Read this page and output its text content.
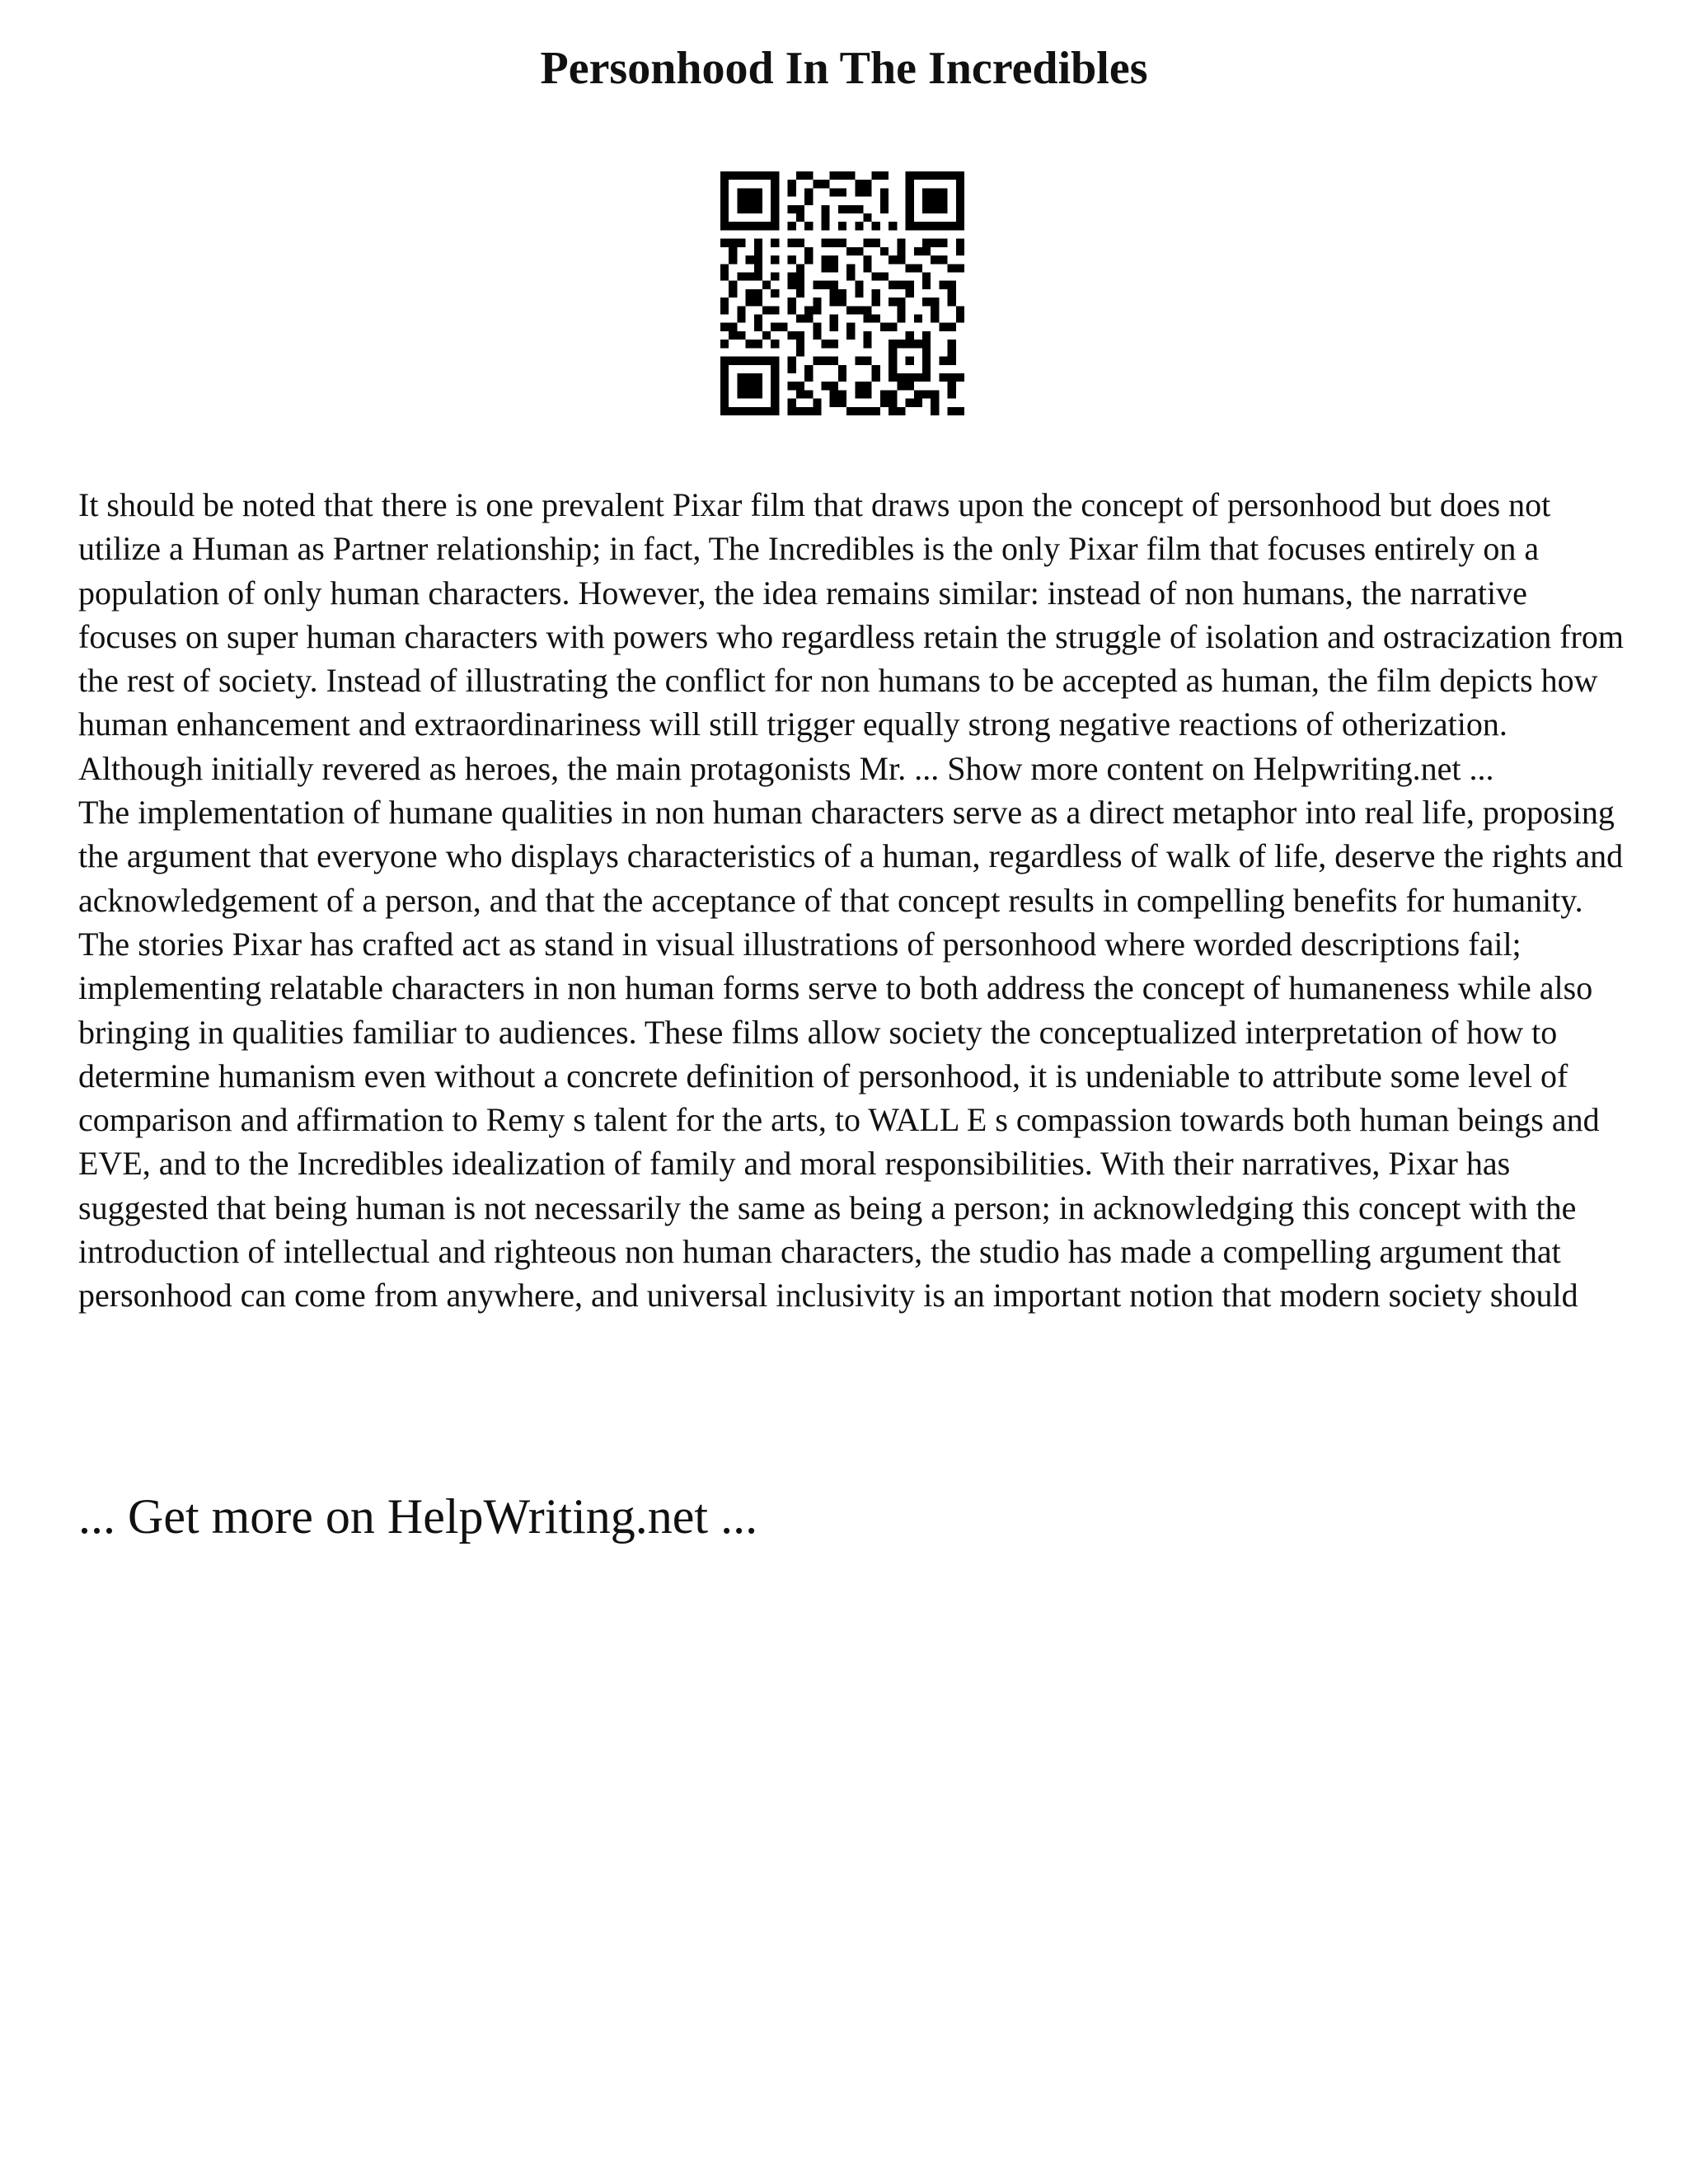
Personhood In The Incredibles

It should be noted that there is one prevalent Pixar film that draws upon the concept of personhood but does not utilize a Human as Partner relationship; in fact, The Incredibles is the only Pixar film that focuses entirely on a population of only human characters. However, the idea remains similar: instead of non humans, the narrative focuses on super human characters with powers who regardless retain the struggle of isolation and ostracization from the rest of society. Instead of illustrating the conflict for non humans to be accepted as human, the film depicts how human enhancement and extraordinariness will still trigger equally strong negative reactions of otherization. Although initially revered as heroes, the main protagonists Mr. ... Show more content on Helpwriting.net ...

The implementation of humane qualities in non human characters serve as a direct metaphor into real life, proposing the argument that everyone who displays characteristics of a human, regardless of walk of life, deserve the rights and acknowledgement of a person, and that the acceptance of that concept results in compelling benefits for humanity. The stories Pixar has crafted act as stand in visual illustrations of personhood where worded descriptions fail; implementing relatable characters in non human forms serve to both address the concept of humaneness while also bringing in qualities familiar to audiences. These films allow society the conceptualized interpretation of how to determine humanism even without a concrete definition of personhood, it is undeniable to attribute some level of comparison and affirmation to Remy s talent for the arts, to WALL E s compassion towards both human beings and EVE, and to the Incredibles idealization of family and moral responsibilities. With their narratives, Pixar has suggested that being human is not necessarily the same as being a person; in acknowledging this concept with the introduction of intellectual and righteous non human characters, the studio has made a compelling argument that personhood can come from anywhere, and universal inclusivity is an important notion that modern society should

... Get more on HelpWriting.net ...
